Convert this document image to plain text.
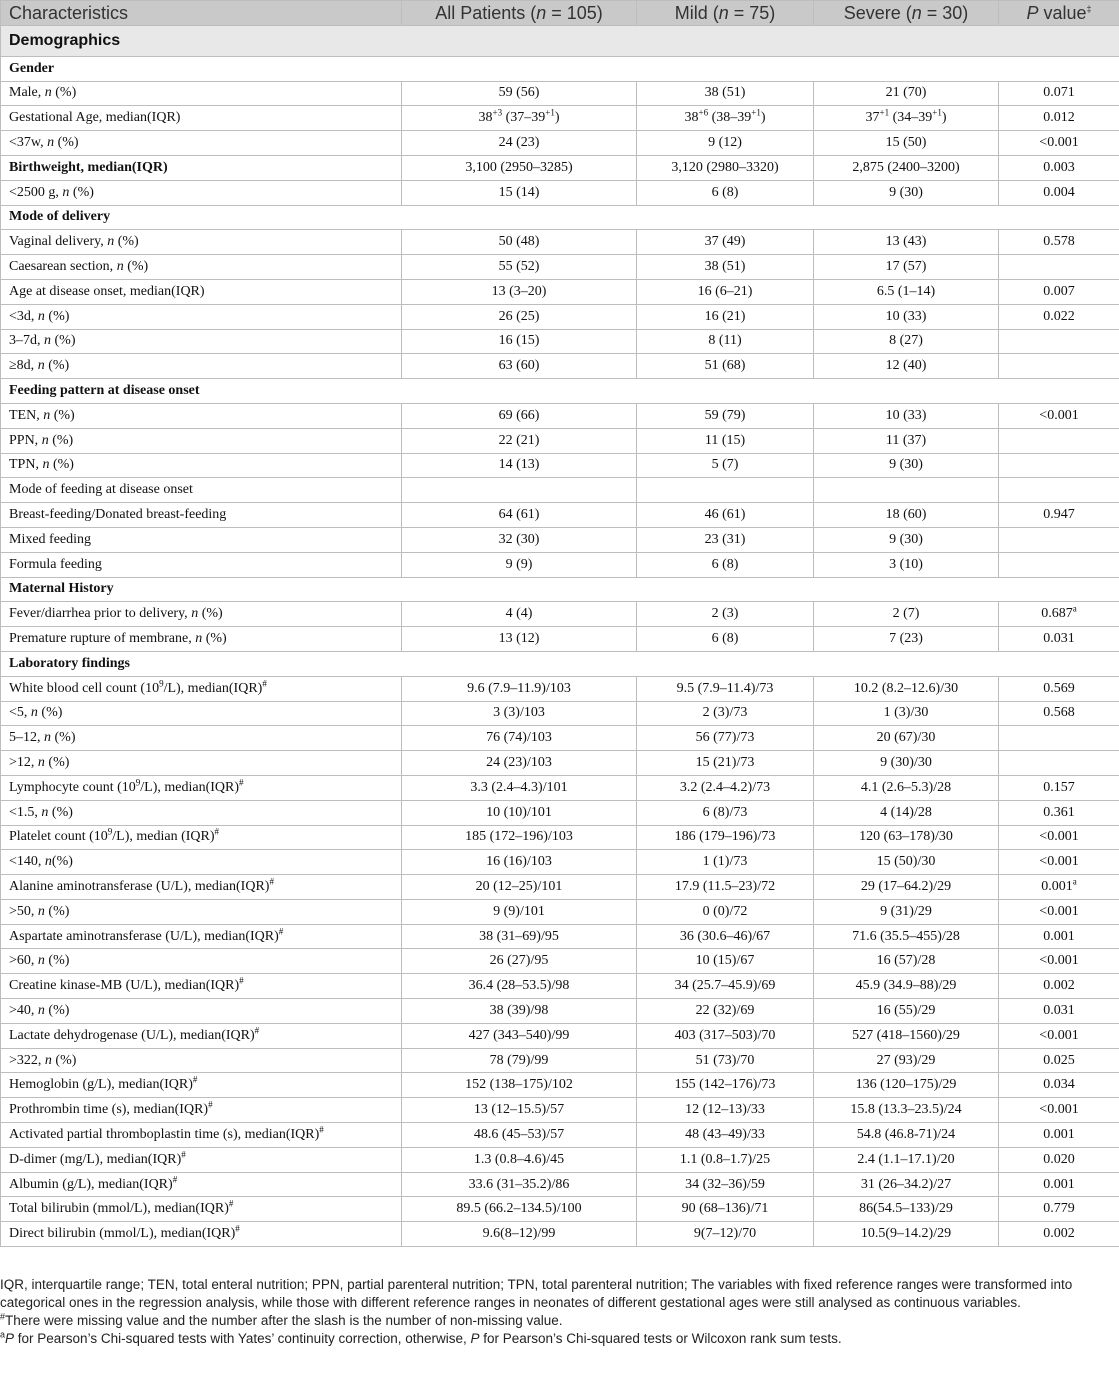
Characteristics	All Patients (n = 105)	Mild (n = 75)	Severe (n = 30)	P value‡
Demographics				
Gender				
Male, n (%)	59 (56)	38 (51)	21 (70)	0.071
Gestational Age, median(IQR)	$38^{+3}$ $(37-39^{+1})$	$38^{+6}$ $(38-39^{+1})$	$37^{+1}$ $(34-39^{+1})$	0.012
<37w, n (%)	24 (23)	9 (12)	15 (50)	<0.001
Birthweight, median(IQR)	3,100 (2950–3285)	3,120 (2980–3320)	2,875 (2400–3200)	0.003
<2500 g, n (%)	15 (14)	6 (8)	9 (30)	0.004
Mode of delivery				
Vaginal delivery, n (%)	50 (48)	37 (49)	13 (43)	0.578
Caesarean section, n (%)	55 (52)	38 (51)	17 (57)	
Age at disease onset, median(IQR)	13 (3–20)	16 (6–21)	6.5 (1–14)	0.007
<3d, n (%)	26 (25)	16 (21)	10 (33)	0.022
3–7d, n (%)	16 (15)	8 (11)	8 (27)	
≥8d, n (%)	63 (60)	51 (68)	12 (40)	
Feeding pattern at disease onset				
TEN, n (%)	69 (66)	59 (79)	10 (33)	<0.001
PPN, n (%)	22 (21)	11 (15)	11 (37)	
TPN, n (%)	14 (13)	5 (7)	9 (30)	
Mode of feeding at disease onset				
Breast-feeding/Donated breast-feeding	64 (61)	46 (61)	18 (60)	0.947
Mixed feeding	32 (30)	23 (31)	9 (30)	
Formula feeding	9 (9)	6 (8)	3 (10)	
Maternal History				
Fever/diarrhea prior to delivery, n (%)	4 (4)	2 (3)	2 (7)	0.687$^a$
Premature rupture of membrane, n (%)	13 (12)	6 (8)	7 (23)	0.031
Laboratory findings				
White blood cell count $(10^9/L)$, median(IQR)#	9.6 (7.9–11.9)/103	9.5 (7.9–11.4)/73	10.2 (8.2–12.6)/30	0.569
<5, n (%)	3 (3)/103	2 (3)/73	1 (3)/30	0.568
5–12, n (%)	76 (74)/103	56 (77)/73	20 (67)/30	
>12, n (%)	24 (23)/103	15 (21)/73	9 (30)/30	
Lymphocyte count $(10^9/L)$, median(IQR)#	3.3 (2.4–4.3)/101	3.2 (2.4–4.2)/73	4.1 (2.6–5.3)/28	0.157
<1.5, n (%)	10 (10)/101	6 (8)/73	4 (14)/28	0.361
Platelet count $(10^9/L)$, median (IQR)#	185 (172–196)/103	186 (179–196)/73	120 (63–178)/30	<0.001
<140, n(%)	16 (16)/103	1 (1)/73	15 (50)/30	<0.001
Alanine aminotransferase (U/L), median(IQR)#	20 (12–25)/101	17.9 (11.5–23)/72	29 (17–64.2)/29	0.001$^a$
>50, n (%)	9 (9)/101	0 (0)/72	9 (31)/29	<0.001
Aspartate aminotransferase (U/L), median(IQR)#	38 (31–69)/95	36 (30.6–46)/67	71.6 (35.5–455)/28	0.001
>60, n (%)	26 (27)/95	10 (15)/67	16 (57)/28	<0.001
Creatine kinase-MB (U/L), median(IQR)#	36.4 (28–53.5)/98	34 (25.7–45.9)/69	45.9 (34.9–88)/29	0.002
>40, n (%)	38 (39)/98	22 (32)/69	16 (55)/29	0.031
Lactate dehydrogenase (U/L), median(IQR)#	427 (343–540)/99	403 (317–503)/70	527 (418–1560)/29	<0.001
>322, n (%)	78 (79)/99	51 (73)/70	27 (93)/29	0.025
Hemoglobin (g/L), median(IQR)#	152 (138–175)/102	155 (142–176)/73	136 (120–175)/29	0.034
Prothrombin time (s), median(IQR)#	13 (12–15.5)/57	12 (12–13)/33	15.8 (13.3–23.5)/24	<0.001
Activated partial thromboplastin time (s), median(IQR)#	48.6 (45–53)/57	48 (43–49)/33	54.8 (46.8-71)/24	0.001
D-dimer (mg/L), median(IQR)#	1.3 (0.8–4.6)/45	1.1 (0.8–1.7)/25	2.4 (1.1–17.1)/20	0.020
Albumin (g/L), median(IQR)#	33.6 (31–35.2)/86	34 (32–36)/59	31 (26–34.2)/27	0.001
Total bilirubin (mmol/L), median(IQR)#	89.5 (66.2–134.5)/100	90 (68–136)/71	86(54.5–133)/29	0.779
Direct bilirubin (mmol/L), median(IQR)#	9.6(8–12)/99	9(7–12)/70	10.5(9–14.2)/29	0.002

IQR, interquartile range; TEN, total enteral nutrition; PPN, partial parenteral nutrition; TPN, total parenteral nutrition; The variables with fixed reference ranges were transformed into categorical ones in the regression analysis, while those with different reference ranges in neonates of different gestational ages were still analysed as continuous variables.

#There were missing value and the number after the slash is the number of non-missing value.

$^a$P for Pearson’s Chi-squared tests with Yates’ continuity correction, otherwise, P for Pearson’s Chi-squared tests or Wilcoxon rank sum tests.
